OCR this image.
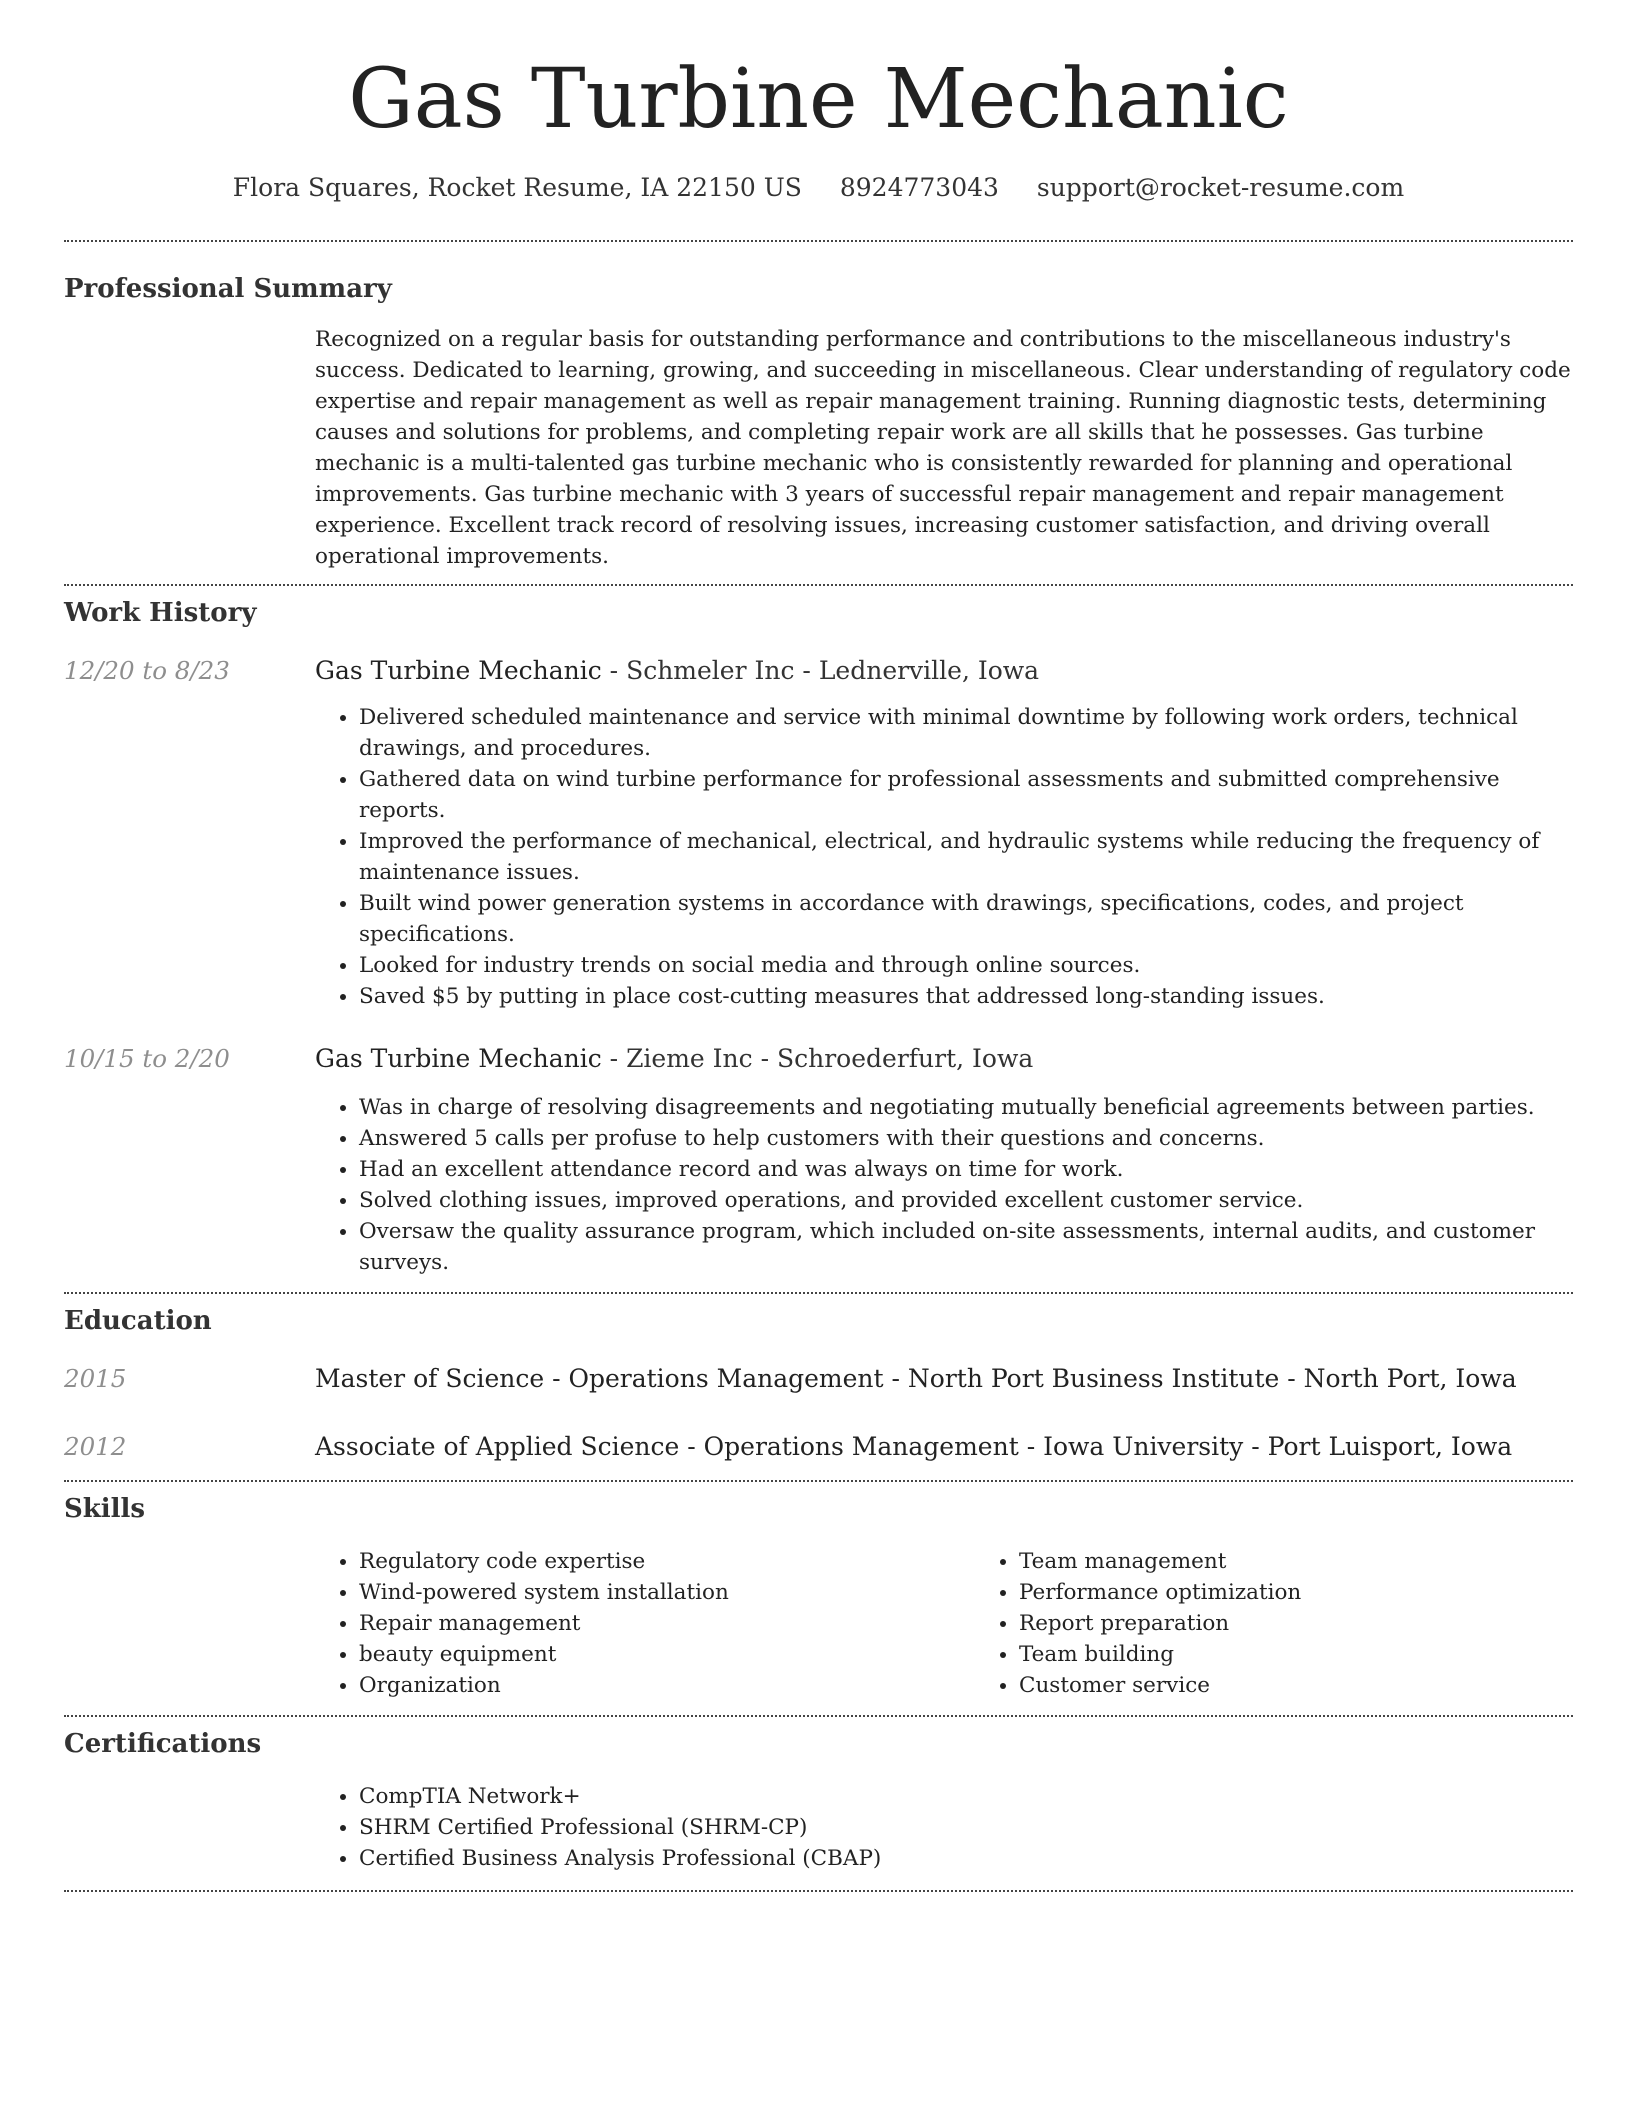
Gas Turbine Mechanic
Flora Squares, Rocket Resume, IA 22150 US 8924773043 support@rocket-resume.com
Professional Summary

Recognized on a regular basis for outstanding performance and contributions to the miscellaneous industry's success. Dedicated to learning, growing, and succeeding in miscellaneous. Clear understanding of regulatory code expertise and repair management as well as repair management training. Running diagnostic tests, determining causes and solutions for problems, and completing repair work are all skills that he possesses. Gas turbine mechanic is a multi-talented gas turbine mechanic who is consistently rewarded for planning and operational improvements. Gas turbine mechanic with 3 years of successful repair management and repair management experience. Excellent track record of resolving issues, increasing customer satisfaction, and driving overall operational improvements.

Work History
12/20 to 8/23	Gas Turbine Mechanic - Schmeler Inc - Lednerville, Iowa
• Delivered scheduled maintenance and service with minimal downtime by following work orders, technical drawings, and procedures.
• Gathered data on wind turbine performance for professional assessments and submitted comprehensive reports.
• Improved the performance of mechanical, electrical, and hydraulic systems while reducing the frequency of maintenance issues.
• Built wind power generation systems in accordance with drawings, specifications, codes, and project specifications.
• Looked for industry trends on social media and through online sources.
• Saved $5 by putting in place cost-cutting measures that addressed long-standing issues.
10/15 to 2/20	Gas Turbine Mechanic - Zieme Inc - Schroederfurt, Iowa
• Was in charge of resolving disagreements and negotiating mutually beneficial agreements between parties.
• Answered 5 calls per profuse to help customers with their questions and concerns.
• Had an excellent attendance record and was always on time for work.
• Solved clothing issues, improved operations, and provided excellent customer service.
• Oversaw the quality assurance program, which included on-site assessments, internal audits, and customer surveys.
Education
2015	Master of Science - Operations Management - North Port Business Institute - North Port, Iowa
2012	Associate of Applied Science - Operations Management - Iowa University - Port Luisport, Iowa
Skills
• Regulatory code expertise
• Wind-powered system installation
• Repair management
• beauty equipment
• Organization
• Team management
• Performance optimization
• Report preparation
• Team building
• Customer service
Certifications
• CompTIA Network+
• SHRM Certified Professional (SHRM-CP)
• Certified Business Analysis Professional (CBAP)
